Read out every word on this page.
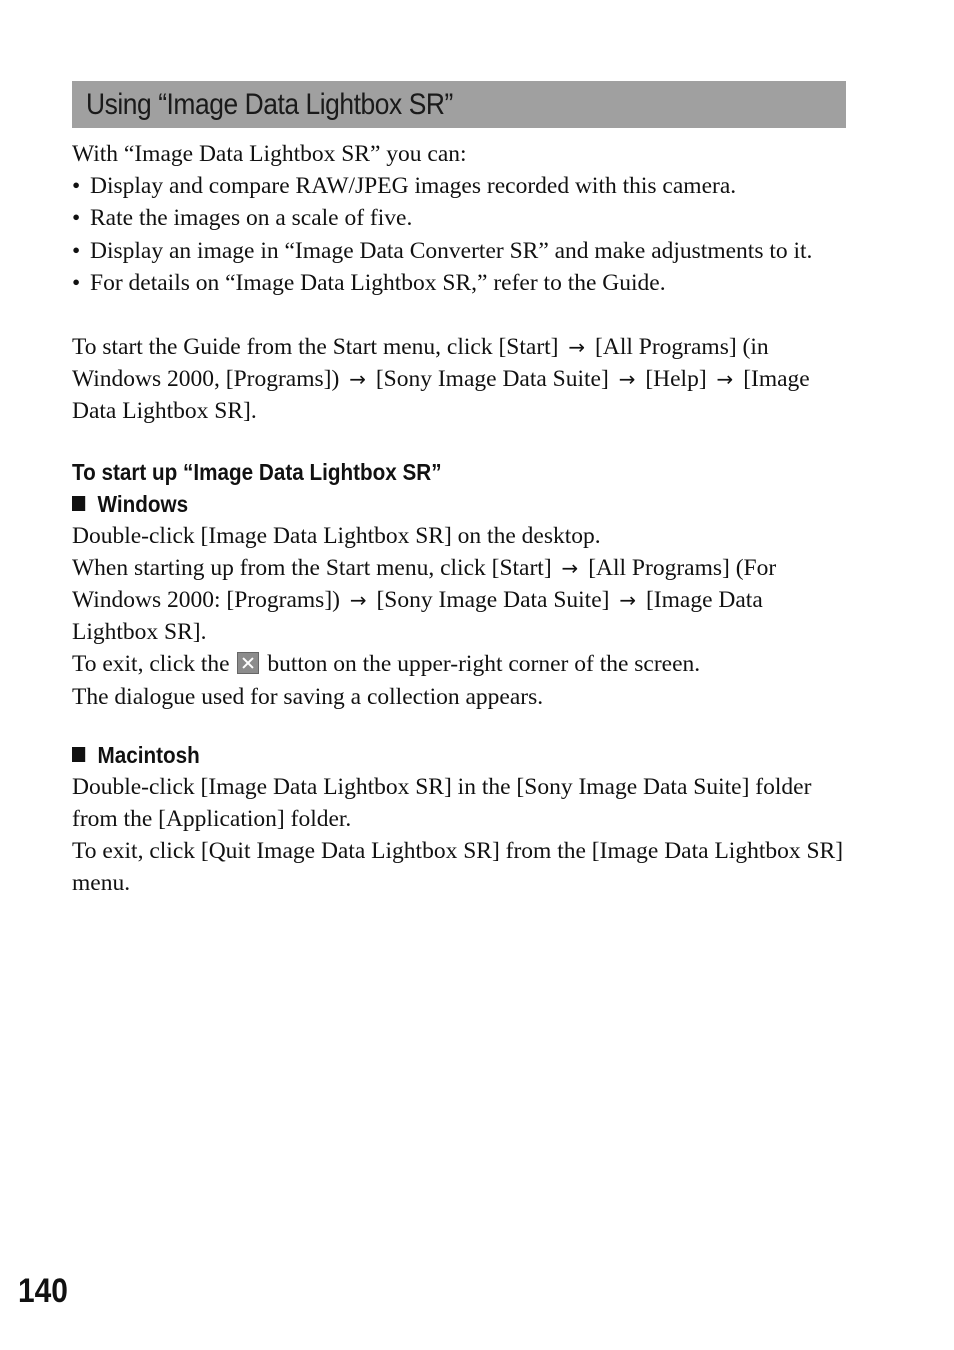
Using “Image Data Lightbox SR”
With “Image Data Lightbox SR” you can:
• Display and compare RAW/JPEG images recorded with this camera.
• Rate the images on a scale of five.
• Display an image in “Image Data Converter SR” and make adjustments to it.
• For details on “Image Data Lightbox SR,” refer to the Guide.
To start the Guide from the Start menu, click [Start] → [All Programs] (in Windows 2000, [Programs]) → [Sony Image Data Suite] → [Help] → [Image Data Lightbox SR].
To start up “Image Data Lightbox SR”
Windows
Double-click [Image Data Lightbox SR] on the desktop.
When starting up from the Start menu, click [Start] → [All Programs] (For Windows 2000: [Programs]) → [Sony Image Data Suite] → [Image Data Lightbox SR].
To exit, click the button on the upper-right corner of the screen.
The dialogue used for saving a collection appears.
Macintosh
Double-click [Image Data Lightbox SR] in the [Sony Image Data Suite] folder from the [Application] folder.
To exit, click [Quit Image Data Lightbox SR] from the [Image Data Lightbox SR] menu.
140
